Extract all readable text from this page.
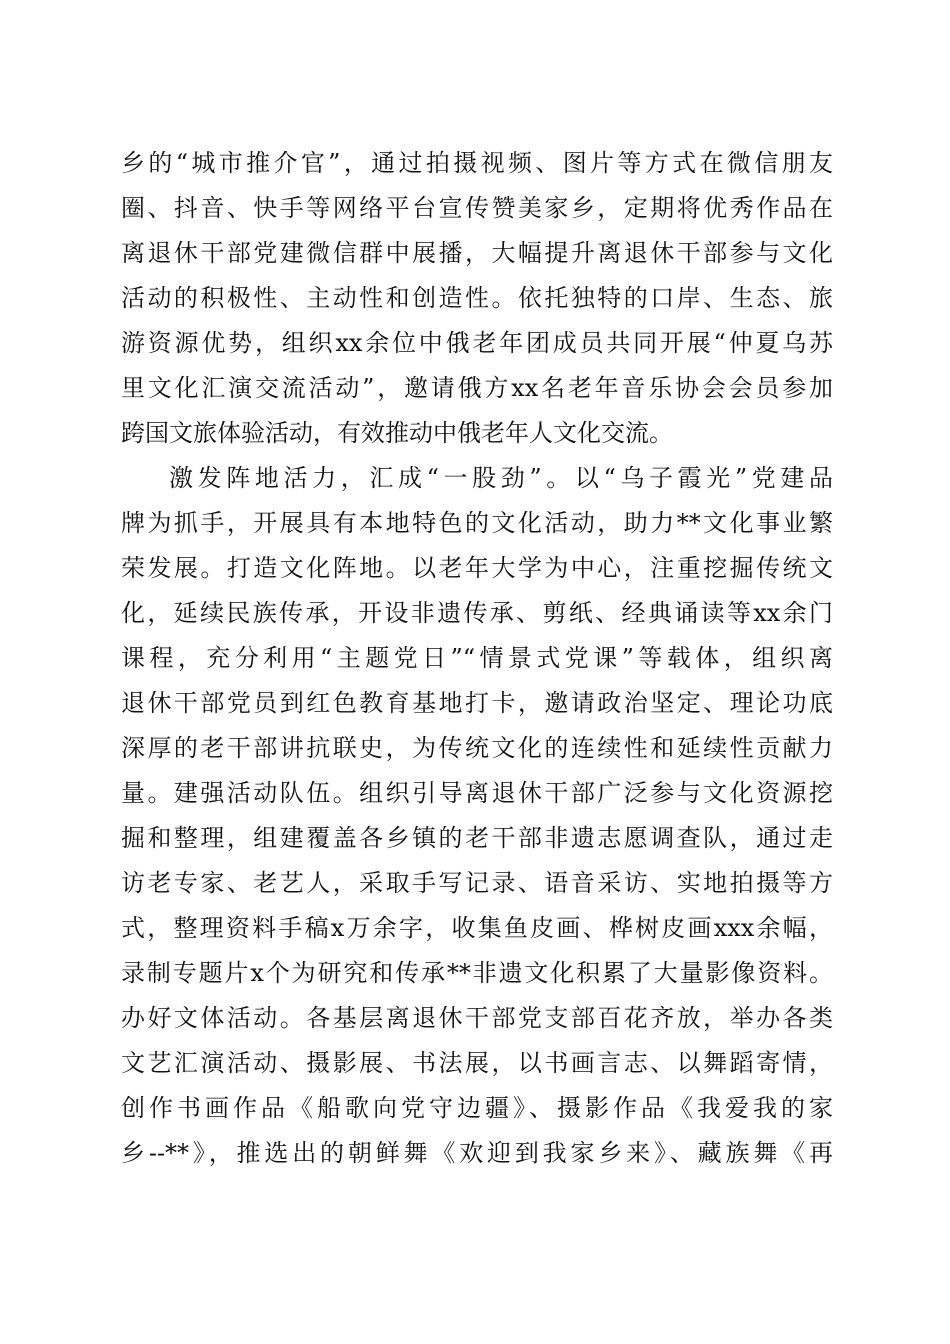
乡的“城市推介官”，通过拍摄视频、图片等方式在微信朋友
圈、抖音、快手等网络平台宣传赞美家乡，定期将优秀作品在
离退休干部党建微信群中展播，大幅提升离退休干部参与文化
活动的积极性、主动性和创造性。依托独特的口岸、生态、旅
游资源优势，组织xx余位中俄老年团成员共同开展“仲夏乌苏
里文化汇演交流活动”，邀请俄方xx名老年音乐协会会员参加
跨国文旅体验活动，有效推动中俄老年人文化交流。
激发阵地活力，汇成“一股劲”。以“乌子霞光”党建品
牌为抓手，开展具有本地特色的文化活动，助力**文化事业繁
荣发展。打造文化阵地。以老年大学为中心，注重挖掘传统文
化，延续民族传承，开设非遗传承、剪纸、经典诵读等xx余门
课程，充分利用“主题党日”“情景式党课”等载体，组织离
退休干部党员到红色教育基地打卡，邀请政治坚定、理论功底
深厚的老干部讲抗联史，为传统文化的连续性和延续性贡献力
量。建强活动队伍。组织引导离退休干部广泛参与文化资源挖
掘和整理，组建覆盖各乡镇的老干部非遗志愿调查队，通过走
访老专家、老艺人，采取手写记录、语音采访、实地拍摄等方
式，整理资料手稿x万余字，收集鱼皮画、桦树皮画xxx余幅，
录制专题片x个为研究和传承**非遗文化积累了大量影像资料。
办好文体活动。各基层离退休干部党支部百花齐放，举办各类
文艺汇演活动、摄影展、书法展，以书画言志、以舞蹈寄情，
创作书画作品《船歌向党守边疆》、摄影作品《我爱我的家
乡--**》，推选出的朝鲜舞《欢迎到我家乡来》、藏族舞《再
